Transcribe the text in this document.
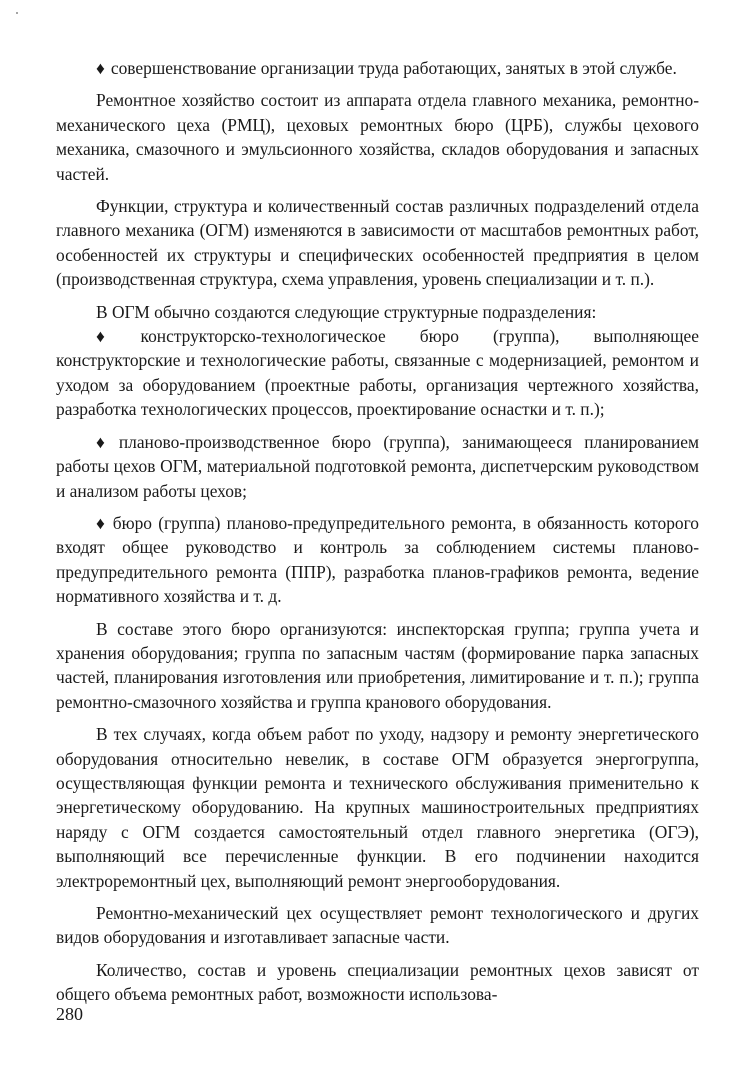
♦ совершенствование организации труда работающих, занятых в этой службе.

Ремонтное хозяйство состоит из аппарата отдела главного механика, ремонтно-механического цеха (РМЦ), цеховых ремонтных бюро (ЦРБ), службы цехового механика, смазочного и эмульсионного хозяйства, складов оборудования и запасных частей.

Функции, структура и количественный состав различных подразделений отдела главного механика (ОГМ) изменяются в зависимости от масштабов ремонтных работ, особенностей их структуры и специфических особенностей предприятия в целом (производственная структура, схема управления, уровень специализации и т. п.).

В ОГМ обычно создаются следующие структурные подразделения:

♦ конструкторско-технологическое бюро (группа), выполняющее конструкторские и технологические работы, связанные с модернизацией, ремонтом и уходом за оборудованием (проектные работы, организация чертежного хозяйства, разработка технологических процессов, проектирование оснастки и т. п.);

♦ планово-производственное бюро (группа), занимающееся планированием работы цехов ОГМ, материальной подготовкой ремонта, диспетчерским руководством и анализом работы цехов;

♦ бюро (группа) планово-предупредительного ремонта, в обязанность которого входят общее руководство и контроль за соблюдением системы планово-предупредительного ремонта (ППР), разработка планов-графиков ремонта, ведение нормативного хозяйства и т. д.

В составе этого бюро организуются: инспекторская группа; группа учета и хранения оборудования; группа по запасным частям (формирование парка запасных частей, планирования изготовления или приобретения, лимитирование и т. п.); группа ремонтно-смазочного хозяйства и группа кранового оборудования.

В тех случаях, когда объем работ по уходу, надзору и ремонту энергетического оборудования относительно невелик, в составе ОГМ образуется энергогруппа, осуществляющая функции ремонта и технического обслуживания применительно к энергетическому оборудованию. На крупных машиностроительных предприятиях наряду с ОГМ создается самостоятельный отдел главного энергетика (ОГЭ), выполняющий все перечисленные функции. В его подчинении находится электроремонтный цех, выполняющий ремонт энергооборудования.

Ремонтно-механический цех осуществляет ремонт технологического и других видов оборудования и изготавливает запасные части.

Количество, состав и уровень специализации ремонтных цехов зависят от общего объема ремонтных работ, возможности использова-

280
